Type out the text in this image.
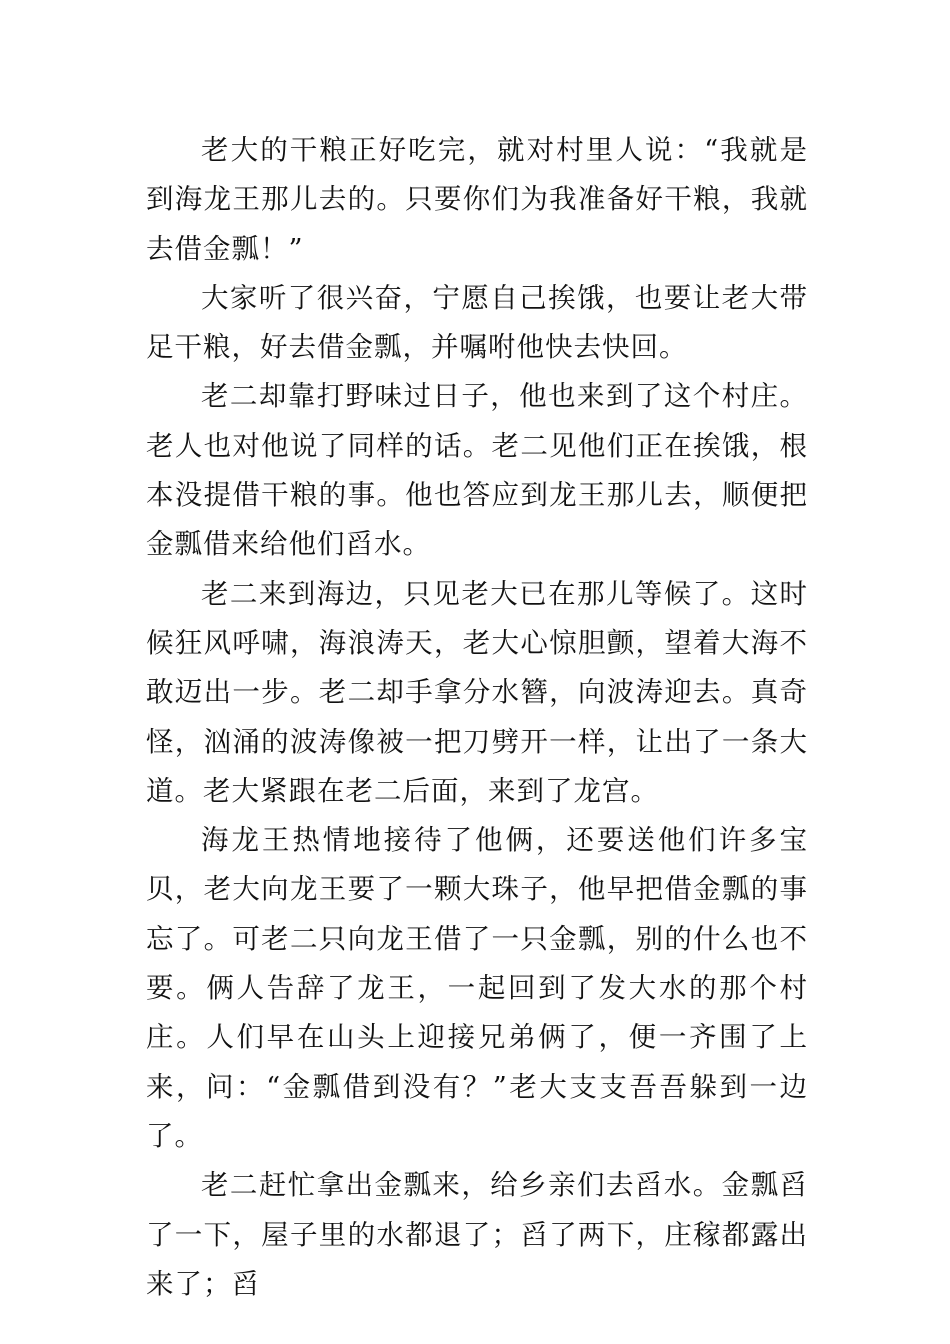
老大的干粮正好吃完，就对村里人说：“我就是到海龙王那儿去的。只要你们为我准备好干粮，我就去借金瓢！”

大家听了很兴奋，宁愿自己挨饿，也要让老大带足干粮，好去借金瓢，并嘱咐他快去快回。

老二却靠打野味过日子，他也来到了这个村庄。老人也对他说了同样的话。老二见他们正在挨饿，根本没提借干粮的事。他也答应到龙王那儿去，顺便把金瓢借来给他们舀水。

老二来到海边，只见老大已在那儿等候了。这时候狂风呼啸，海浪涛天，老大心惊胆颤，望着大海不敢迈出一步。老二却手拿分水簪，向波涛迎去。真奇怪，汹涌的波涛像被一把刀劈开一样，让出了一条大道。老大紧跟在老二后面，来到了龙宫。

海龙王热情地接待了他俩，还要送他们许多宝贝，老大向龙王要了一颗大珠子，他早把借金瓢的事忘了。可老二只向龙王借了一只金瓢，别的什么也不要。俩人告辞了龙王，一起回到了发大水的那个村庄。人们早在山头上迎接兄弟俩了，便一齐围了上来，问：“金瓢借到没有？”老大支支吾吾躲到一边了。

老二赶忙拿出金瓢来，给乡亲们去舀水。金瓢舀了一下，屋子里的水都退了；舀了两下，庄稼都露出来了；舀
